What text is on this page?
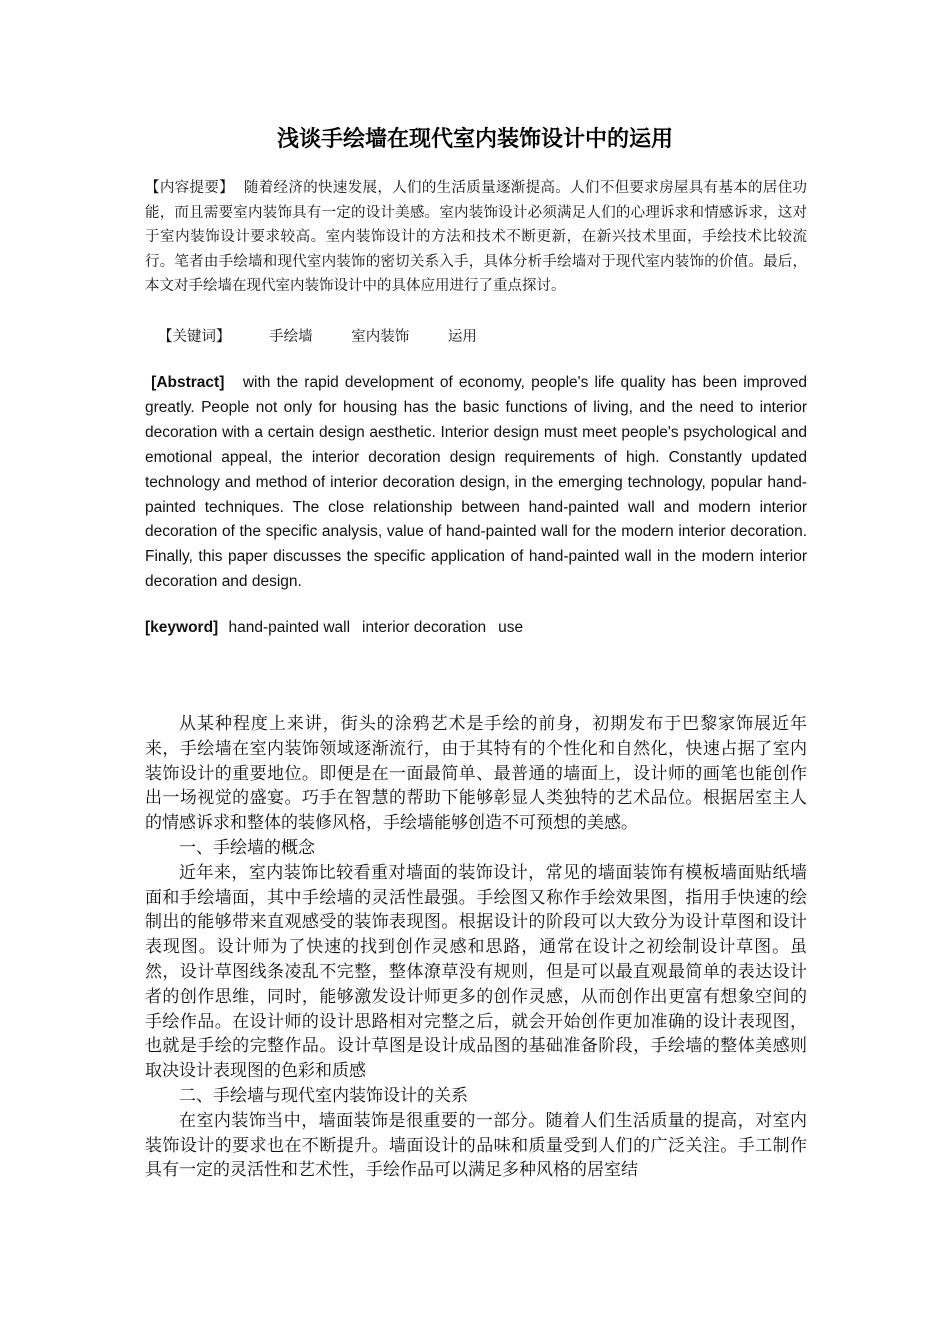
浅谈手绘墙在现代室内装饰设计中的运用
【内容提要】 随着经济的快速发展，人们的生活质量逐渐提高。人们不但要求房屋具有基本的居住功能，而且需要室内装饰具有一定的设计美感。室内装饰设计必须满足人们的心理诉求和情感诉求，这对于室内装饰设计要求较高。室内装饰设计的方法和技术不断更新，在新兴技术里面，手绘技术比较流行。笔者由手绘墙和现代室内装饰的密切关系入手，具体分析手绘墙对于现代室内装饰的价值。最后，本文对手绘墙在现代室内装饰设计中的具体应用进行了重点探讨。
【关键词】	手绘墙	室内装饰	运用
[Abstract] with the rapid development of economy, people's life quality has been improved greatly. People not only for housing has the basic functions of living, and the need to interior decoration with a certain design aesthetic. Interior design must meet people's psychological and emotional appeal, the interior decoration design requirements of high. Constantly updated technology and method of interior decoration design, in the emerging technology, popular hand-painted techniques. The close relationship between hand-painted wall and modern interior decoration of the specific analysis, value of hand-painted wall for the modern interior decoration. Finally, this paper discusses the specific application of hand-painted wall in the modern interior decoration and design.
[keyword] hand-painted wall interior decoration use

从某种程度上来讲，街头的涂鸦艺术是手绘的前身，初期发布于巴黎家饰展近年来，手绘墙在室内装饰领域逐渐流行，由于其特有的个性化和自然化，快速占据了室内装饰设计的重要地位。即便是在一面最简单、最普通的墙面上，设计师的画笔也能创作出一场视觉的盛宴。巧手在智慧的帮助下能够彰显人类独特的艺术品位。根据居室主人的情感诉求和整体的装修风格，手绘墙能够创造不可预想的美感。

一、手绘墙的概念

近年来，室内装饰比较看重对墙面的装饰设计，常见的墙面装饰有模板墙面贴纸墙面和手绘墙面，其中手绘墙的灵活性最强。手绘图又称作手绘效果图，指用手快速的绘制出的能够带来直观感受的装饰表现图。根据设计的阶段可以大致分为设计草图和设计表现图。设计师为了快速的找到创作灵感和思路，通常在设计之初绘制设计草图。虽然，设计草图线条凌乱不完整，整体潦草没有规则，但是可以最直观最简单的表达设计者的创作思维，同时，能够激发设计师更多的创作灵感，从而创作出更富有想象空间的手绘作品。在设计师的设计思路相对完整之后，就会开始创作更加准确的设计表现图，也就是手绘的完整作品。设计草图是设计成品图的基础准备阶段，手绘墙的整体美感则取决设计表现图的色彩和质感

二、手绘墙与现代室内装饰设计的关系

在室内装饰当中，墙面装饰是很重要的一部分。随着人们生活质量的提高，对室内装饰设计的要求也在不断提升。墙面设计的品味和质量受到人们的广泛关注。手工制作具有一定的灵活性和艺术性，手绘作品可以满足多种风格的居室结
